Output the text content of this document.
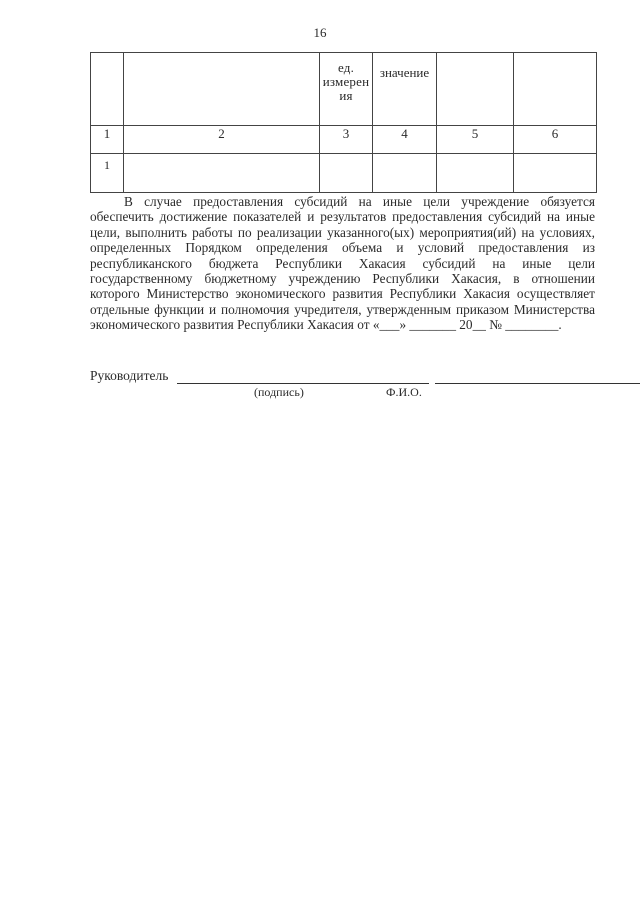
16
		ед. измерен ия	значение		
1	2	3	4	5	6
1					

В случае предоставления субсидий на иные цели учреждение обязуется обеспечить достижение показателей и результатов предоставления субсидий на иные цели, выполнить работы по реализации указанного(ых) мероприятия(ий) на условиях, определенных Порядком определения объема и условий предоставления из республиканского бюджета Республики Хакасия субсидий на иные цели государственному бюджетному учреждению Республики Хакасия, в отношении которого Министерство экономического развития Республики Хакасия осуществляет отдельные функции и полномочия учредителя, утвержденным приказом Министерства экономического развития Республики Хакасия от «___» _______ 20__ № ________.

Руководитель
(подпись)	Ф.И.О.
